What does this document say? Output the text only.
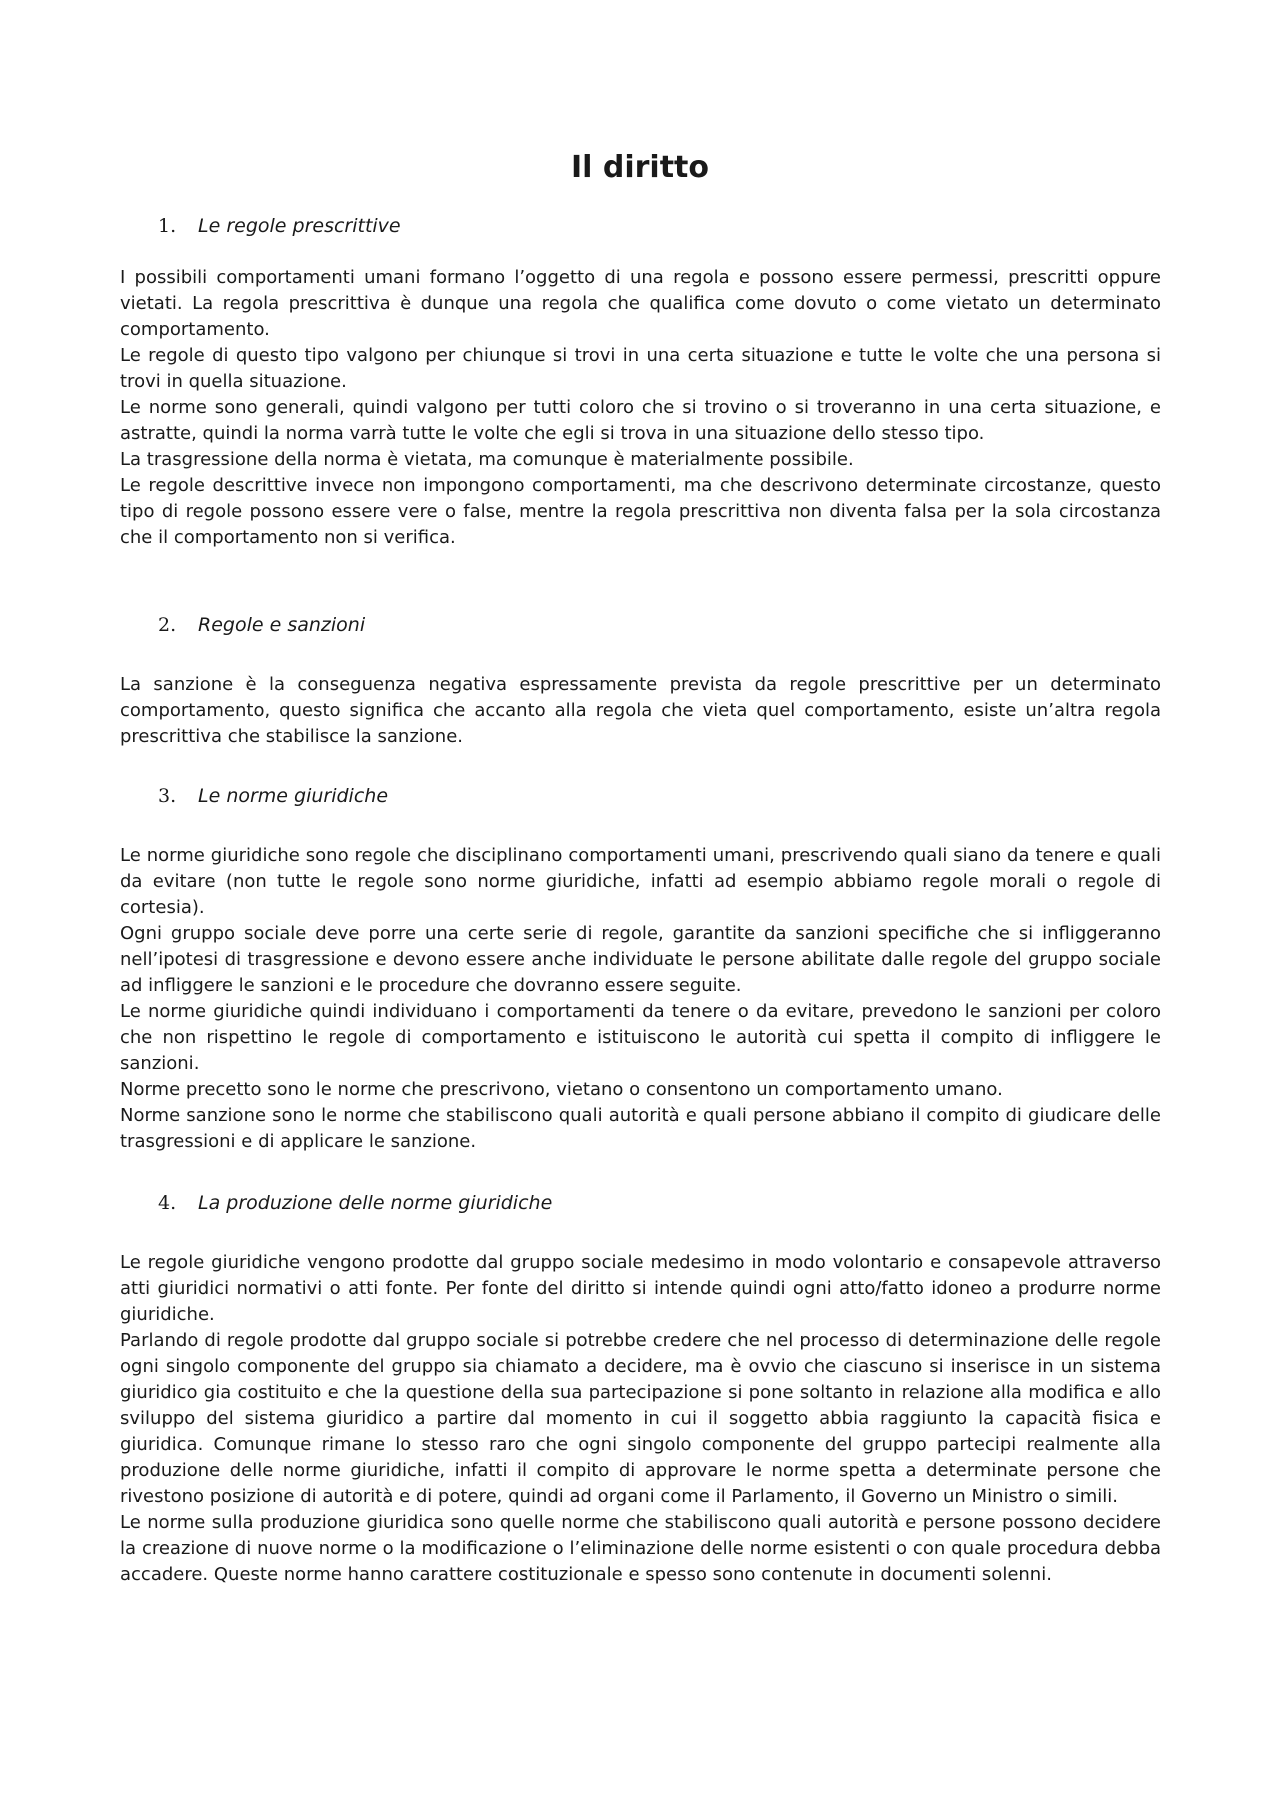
Il diritto
1. Le regole prescrittive

I possibili comportamenti umani formano l’oggetto di una regola e possono essere permessi, prescritti oppure vietati. La regola prescrittiva è dunque una regola che qualifica come dovuto o come vietato un determinato comportamento.

Le regole di questo tipo valgono per chiunque si trovi in una certa situazione e tutte le volte che una persona si trovi in quella situazione.

Le norme sono generali, quindi valgono per tutti coloro che si trovino o si troveranno in una certa situazione, e astratte, quindi la norma varrà tutte le volte che egli si trova in una situazione dello stesso tipo.

La trasgressione della norma è vietata, ma comunque è materialmente possibile.

Le regole descrittive invece non impongono comportamenti, ma che descrivono determinate circostanze, questo tipo di regole possono essere vere o false, mentre la regola prescrittiva non diventa falsa per la sola circostanza che il comportamento non si verifica.

2. Regole e sanzioni

La sanzione è la conseguenza negativa espressamente prevista da regole prescrittive per un determinato comportamento, questo significa che accanto alla regola che vieta quel comportamento, esiste un’altra regola prescrittiva che stabilisce la sanzione.

3. Le norme giuridiche

Le norme giuridiche sono regole che disciplinano comportamenti umani, prescrivendo quali siano da tenere e quali da evitare (non tutte le regole sono norme giuridiche, infatti ad esempio abbiamo regole morali o regole di cortesia).

Ogni gruppo sociale deve porre una certe serie di regole, garantite da sanzioni specifiche che si infliggeranno nell’ipotesi di trasgressione e devono essere anche individuate le persone abilitate dalle regole del gruppo sociale ad infliggere le sanzioni e le procedure che dovranno essere seguite.

Le norme giuridiche quindi individuano i comportamenti da tenere o da evitare, prevedono le sanzioni per coloro che non rispettino le regole di comportamento e istituiscono le autorità cui spetta il compito di infliggere le sanzioni.

Norme precetto sono le norme che prescrivono, vietano o consentono un comportamento umano.

Norme sanzione sono le norme che stabiliscono quali autorità e quali persone abbiano il compito di giudicare delle trasgressioni e di applicare le sanzione.

4. La produzione delle norme giuridiche

Le regole giuridiche vengono prodotte dal gruppo sociale medesimo in modo volontario e consapevole attraverso atti giuridici normativi o atti fonte. Per fonte del diritto si intende quindi ogni atto/fatto idoneo a produrre norme giuridiche.

Parlando di regole prodotte dal gruppo sociale si potrebbe credere che nel processo di determinazione delle regole ogni singolo componente del gruppo sia chiamato a decidere, ma è ovvio che ciascuno si inserisce in un sistema giuridico gia costituito e che la questione della sua partecipazione si pone soltanto in relazione alla modifica e allo sviluppo del sistema giuridico a partire dal momento in cui il soggetto abbia raggiunto la capacità fisica e giuridica. Comunque rimane lo stesso raro che ogni singolo componente del gruppo partecipi realmente alla produzione delle norme giuridiche, infatti il compito di approvare le norme spetta a determinate persone che rivestono posizione di autorità e di potere, quindi ad organi come il Parlamento, il Governo un Ministro o simili.

Le norme sulla produzione giuridica sono quelle norme che stabiliscono quali autorità e persone possono decidere la creazione di nuove norme o la modificazione o l’eliminazione delle norme esistenti o con quale procedura debba accadere. Queste norme hanno carattere costituzionale e spesso sono contenute in documenti solenni.
